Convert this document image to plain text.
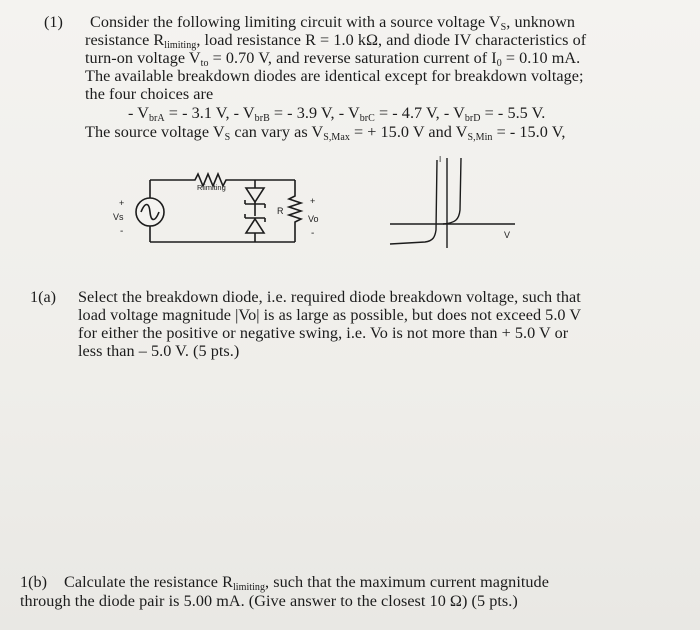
(1) Consider the following limiting circuit with a source voltage $V_S$, unknown
resistance $R_{limiting}$, load resistance R = 1.0 kΩ, and diode IV characteristics of
turn-on voltage $V_{to} = 0.70$ V, and reverse saturation current of $I_0 = 0.10$ mA.
The available breakdown diodes are identical except for breakdown voltage;
the four choices are
- $V_{brA}$ = - 3.1 V, - $V_{brB}$ = - 3.9 V, - $V_{brC}$ = - 4.7 V, - $V_{brD}$ = - 5.5 V.
The source voltage $V_S$ can vary as $V_{S,Max}$ = + 15.0 V and $V_{S,Min}$ = - 15.0 V,
Rlimiting
+
Vs
-
R
+
Vo
-	V
I
1(a) Select the breakdown diode, i.e. required diode breakdown voltage, such that
load voltage magnitude |Vo| is as large as possible, but does not exceed 5.0 V
for either the positive or negative swing, i.e. Vo is not more than + 5.0 V or
less than – 5.0 V. (5 pts.)
1(b) Calculate the resistance $R_{limiting}$, such that the maximum current magnitude
through the diode pair is 5.00 mA. (Give answer to the closest 10 Ω) (5 pts.)
